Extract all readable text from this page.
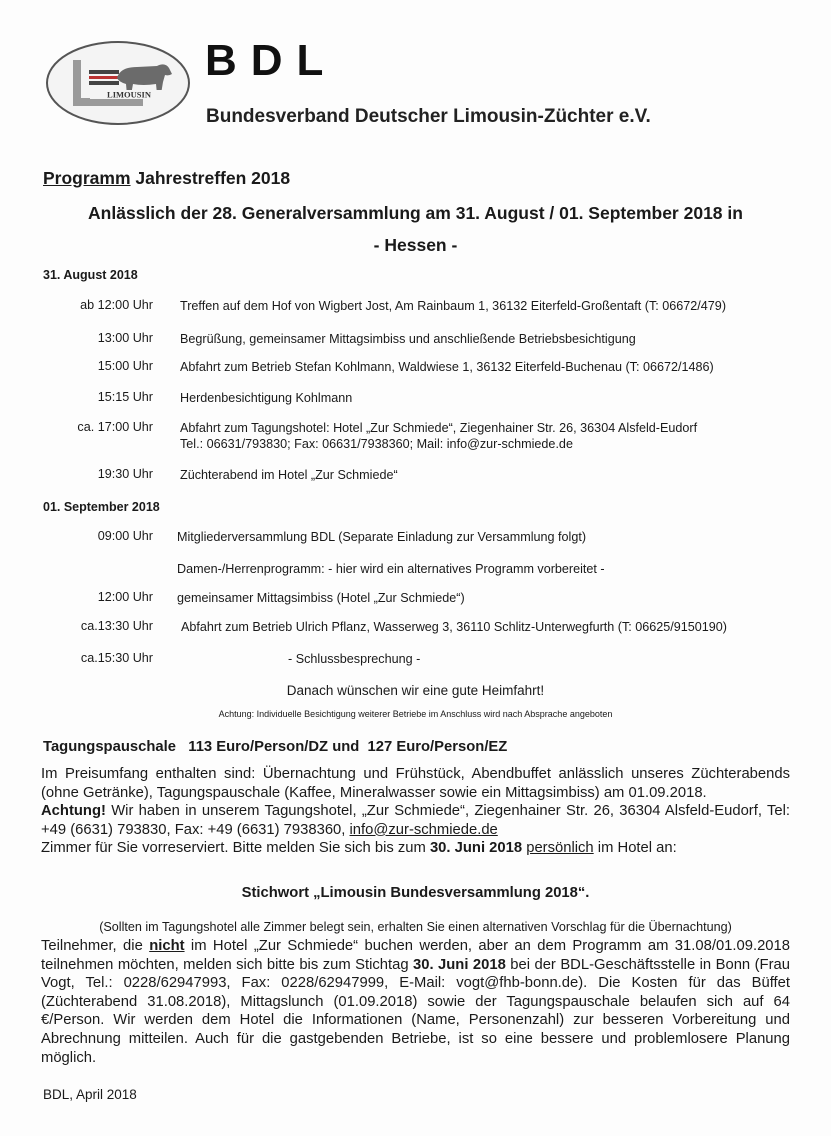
LIMOUSIN
BDL
Bundesverband Deutscher Limousin-Züchter e.V.
Programm Jahrestreffen 2018
Anlässlich der 28. Generalversammlung am 31. August / 01. September 2018 in
- Hessen -
31. August 2018
ab 12:00 Uhr Treffen auf dem Hof von Wigbert Jost, Am Rainbaum 1, 36132 Eiterfeld-Großentaft (T: 06672/479)
13:00 Uhr Begrüßung, gemeinsamer Mittagsimbiss und anschließende Betriebsbesichtigung
15:00 Uhr Abfahrt zum Betrieb Stefan Kohlmann, Waldwiese 1, 36132 Eiterfeld-Buchenau (T: 06672/1486)
15:15 Uhr Herdenbesichtigung Kohlmann
ca. 17:00 Uhr Abfahrt zum Tagungshotel: Hotel „Zur Schmiede“, Ziegenhainer Str. 26, 36304 Alsfeld-Eudorf
Tel.: 06631/793830; Fax: 06631/7938360; Mail: info@zur-schmiede.de
19:30 Uhr Züchterabend im Hotel „Zur Schmiede“
01. September 2018
09:00 Uhr Mitgliederversammlung BDL (Separate Einladung zur Versammlung folgt)
Damen-/Herrenprogramm: - hier wird ein alternatives Programm vorbereitet -
12:00 Uhr gemeinsamer Mittagsimbiss (Hotel „Zur Schmiede“)
ca.13:30 Uhr Abfahrt zum Betrieb Ulrich Pflanz, Wasserweg 3, 36110 Schlitz-Unterwegfurth (T: 06625/9150190)
ca.15:30 Uhr	- Schlussbesprechung -
Danach wünschen wir eine gute Heimfahrt!
Achtung: Individuelle Besichtigung weiterer Betriebe im Anschluss wird nach Absprache angeboten
Tagungspauschale 113 Euro/Person/DZ und 127 Euro/Person/EZ
Im Preisumfang enthalten sind: Übernachtung und Frühstück, Abendbuffet anlässlich unseres Züchterabends (ohne Getränke), Tagungspauschale (Kaffee, Mineralwasser sowie ein Mittagsimbiss) am 01.09.2018.
Achtung! Wir haben in unserem Tagungshotel, „Zur Schmiede“, Ziegenhainer Str. 26, 36304 Alsfeld-Eudorf, Tel: +49 (6631) 793830, Fax: +49 (6631) 7938360, info@zur-schmiede.de
Zimmer für Sie vorreserviert. Bitte melden Sie sich bis zum 30. Juni 2018 persönlich im Hotel an:
Stichwort „Limousin Bundesversammlung 2018“.
(Sollten im Tagungshotel alle Zimmer belegt sein, erhalten Sie einen alternativen Vorschlag für die Übernachtung)
Teilnehmer, die nicht im Hotel „Zur Schmiede“ buchen werden, aber an dem Programm am 31.08/01.09.2018 teilnehmen möchten, melden sich bitte bis zum Stichtag 30. Juni 2018 bei der BDL-Geschäftsstelle in Bonn (Frau Vogt, Tel.: 0228/62947993, Fax: 0228/62947999, E-Mail: vogt@fhb-bonn.de). Die Kosten für das Büffet (Züchterabend 31.08.2018), Mittagslunch (01.09.2018) sowie der Tagungspauschale belaufen sich auf 64 €/Person. Wir werden dem Hotel die Informationen (Name, Personenzahl) zur besseren Vorbereitung und Abrechnung mitteilen. Auch für die gastgebenden Betriebe, ist so eine bessere und problemlosere Planung möglich.
BDL, April 2018
